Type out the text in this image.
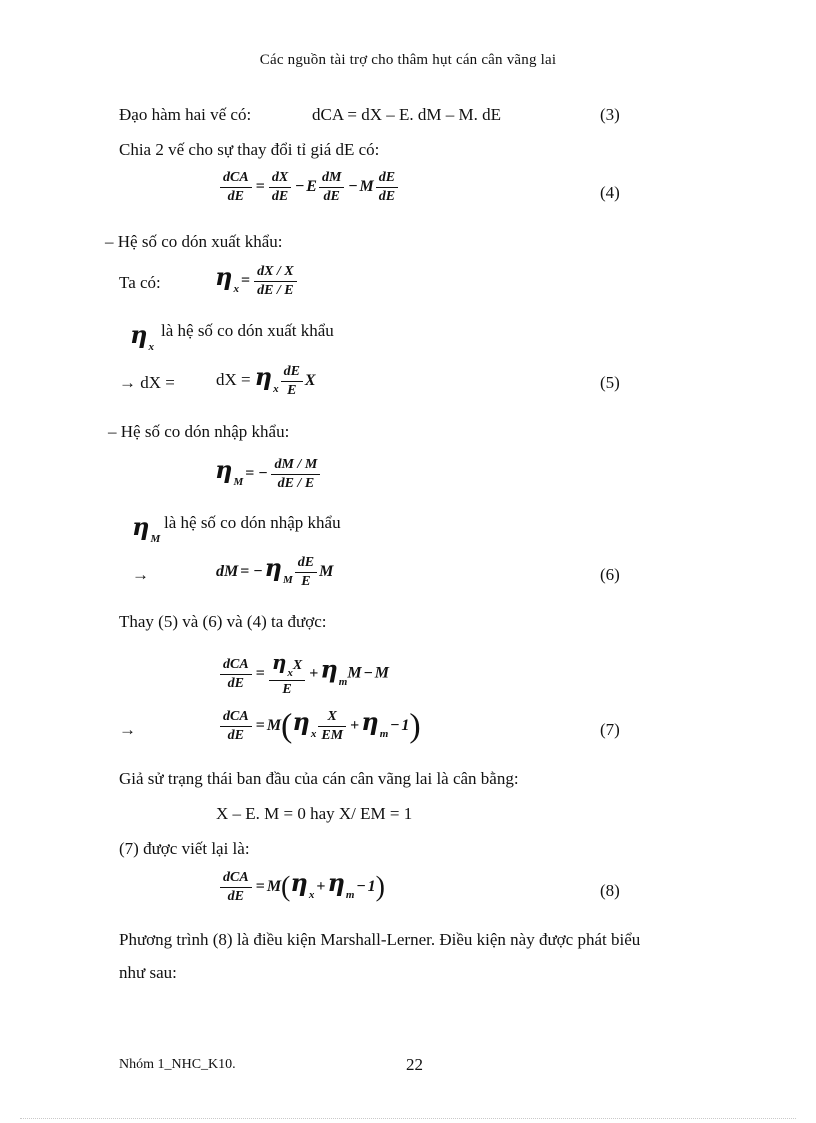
Các nguồn tài trợ cho thâm hụt cán cân vãng lai
Đạo hàm hai vế có:	dCA = dX – E. dM – M. dE	(3)
Chia 2 vế cho sự thay đổi tỉ giá dE có:
$\frac{\text{dCA}}{dE} = \frac{dX}{dE} - E \frac{dM}{dE} - M \frac{dE}{dE}$	(4)
– Hệ số co dón xuất khẩu:
Ta có: $\eta_x = \frac{dX / X}{dE / E}$
$\eta_x$
là hệ số co dón xuất khẩu
→ dX = dX = $\eta_x \frac{dE}{E}$ X	(5)
– Hệ số co dón nhập khẩu:
$\eta_M$ = − $\frac{dM / M}{dE / E}$
$\eta_M$
là hệ số co dón nhập khẩu
→	dM = $-\eta_M \frac{dE}{E}$ M	(6)
Thay (5) và (6) và (4) ta được:
$\frac{\text{dCA}}{dE} = \frac{\eta_xX}{E} +\eta_mM - M$
→	$\frac{\text{dCA}}{dE} = M(\eta_x \frac{X}{EM} +\eta_m - 1)$	(7)
Giả sử trạng thái ban đầu của cán cân vãng lai là cân bằng:
X – E. M = 0 hay X/ EM = 1
(7) được viết lại là:
$\frac{\text{dCA}}{dE} = M(\eta_x +\eta_m - 1)$	(8)
Phương trình (8) là điều kiện Marshall-Lerner. Điều kiện này được phát biểu
như sau:
Nhóm 1_NHC_K10.	22
